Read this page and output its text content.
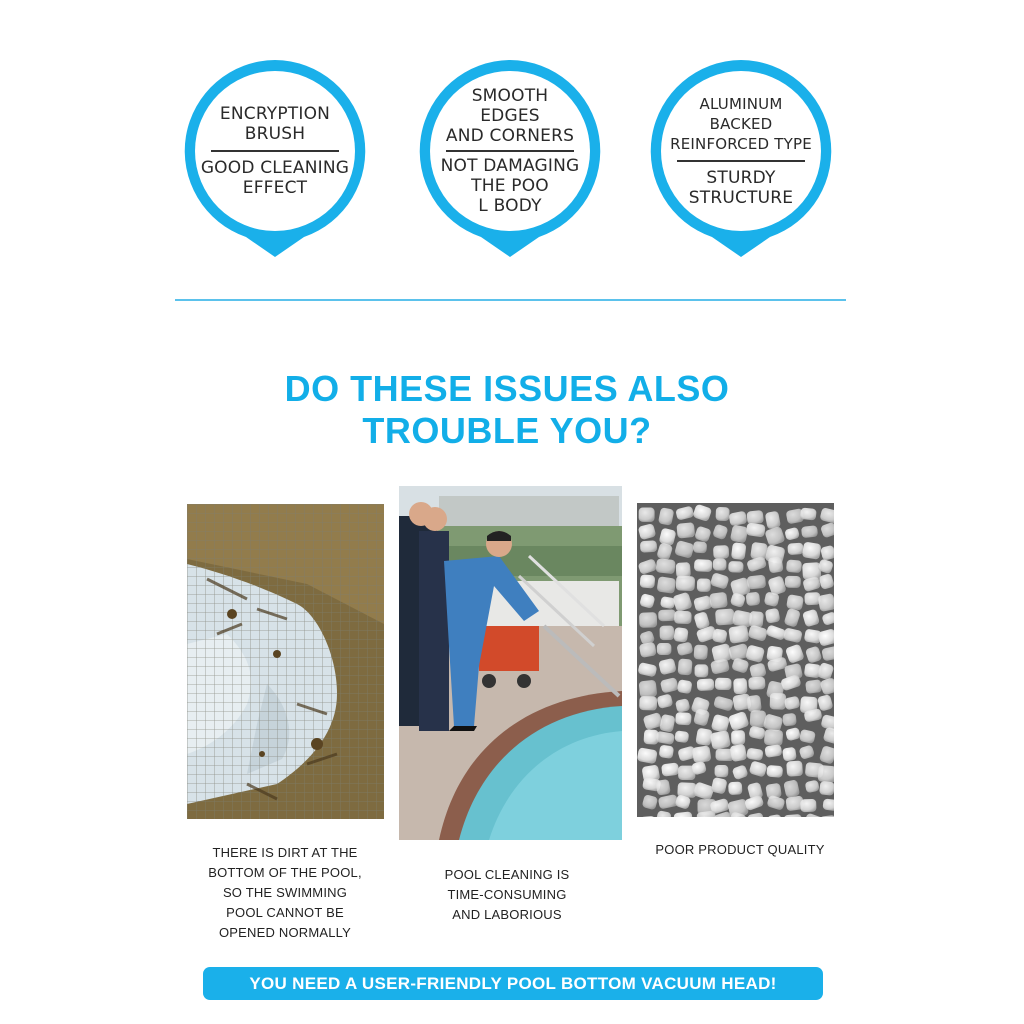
ENCRYPTION
BRUSH
GOOD CLEANING
EFFECT
SMOOTH
EDGES
AND CORNERS
NOT DAMAGING
THE POO
L BODY
ALUMINUM
BACKED
REINFORCED TYPE
STURDY
STRUCTURE
DO THESE ISSUES ALSO
TROUBLE YOU?
THERE IS DIRT AT THE
BOTTOM OF THE POOL,
SO THE SWIMMING
POOL CANNOT BE
OPENED NORMALLY
POOL CLEANING IS
TIME-CONSUMING
AND LABORIOUS
POOR PRODUCT QUALITY
YOU NEED A USER-FRIENDLY POOL BOTTOM VACUUM HEAD!
